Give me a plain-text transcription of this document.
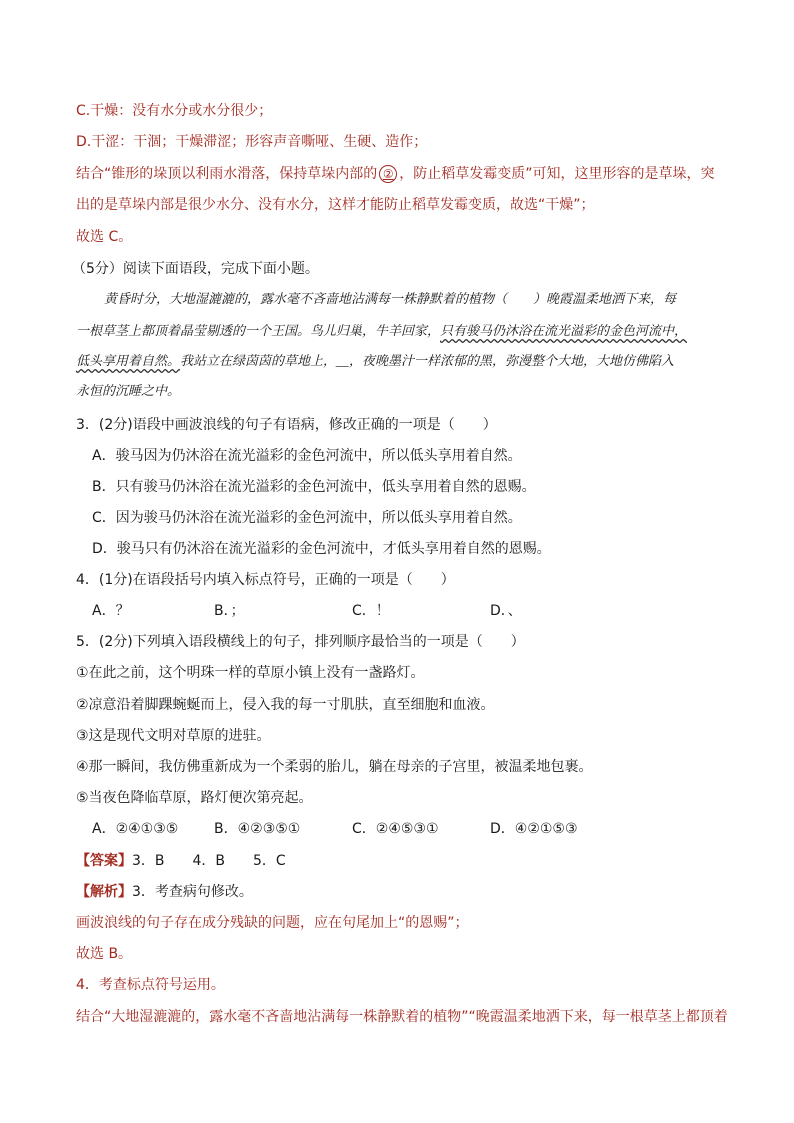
C.干燥：没有水分或水分很少；
D.干涩：干涸；干燥滞涩；形容声音嘶哑、生硬、造作；
结合“锥形的垛顶以利雨水滑落，保持草垛内部的 ② ，防止稻草发霉变质”可知，这里形容的是草垛，突
出的是草垛内部是很少水分、没有水分，这样才能防止稻草发霉变质，故选“干燥”；
故选 C。
（5分）阅读下面语段，完成下面小题。
黄昏时分，大地湿漉漉的，露水毫不吝啬地沾满每一株静默着的植物（　　）晚霞温柔地洒下来，每
一根草茎上都顶着晶莹剔透的一个王国。鸟儿归巢，牛羊回家，只有骏马仍沐浴在流光溢彩的金色河流中，
低头享用着自然。我站立在绿茵茵的草地上，＿，夜晚墨汁一样浓郁的黑，弥漫整个大地，大地仿佛陷入
永恒的沉睡之中。
3．(2分)语段中画波浪线的句子有语病，修改正确的一项是（　　）
A．骏马因为仍沐浴在流光溢彩的金色河流中，所以低头享用着自然。
B．只有骏马仍沐浴在流光溢彩的金色河流中，低头享用着自然的恩赐。
C．因为骏马仍沐浴在流光溢彩的金色河流中，所以低头享用着自然。
D．骏马只有仍沐浴在流光溢彩的金色河流中，才低头享用着自然的恩赐。
4．(1分)在语段括号内填入标点符号，正确的一项是（　　）
A．？	B．；	C．！	D．、
5．(2分)下列填入语段横线上的句子，排列顺序最恰当的一项是（　　）
①在此之前，这个明珠一样的草原小镇上没有一盏路灯。
②凉意沿着脚踝蜿蜒而上，侵入我的每一寸肌肤，直至细胞和血液。
③这是现代文明对草原的进驻。
④那一瞬间，我仿佛重新成为一个柔弱的胎儿，躺在母亲的子宫里，被温柔地包裹。
⑤当夜色降临草原，路灯便次第亮起。
A．②④①③⑤	B．④②③⑤①	C．②④⑤③①	D．④②①⑤③
【答案】3．B　　4．B　　5．C
【解析】3．考查病句修改。
画波浪线的句子存在成分残缺的问题，应在句尾加上“的恩赐”；
故选 B。
4．考查标点符号运用。
结合“大地湿漉漉的，露水毫不吝啬地沾满每一株静默着的植物”“晚霞温柔地洒下来，每一根草茎上都顶着
